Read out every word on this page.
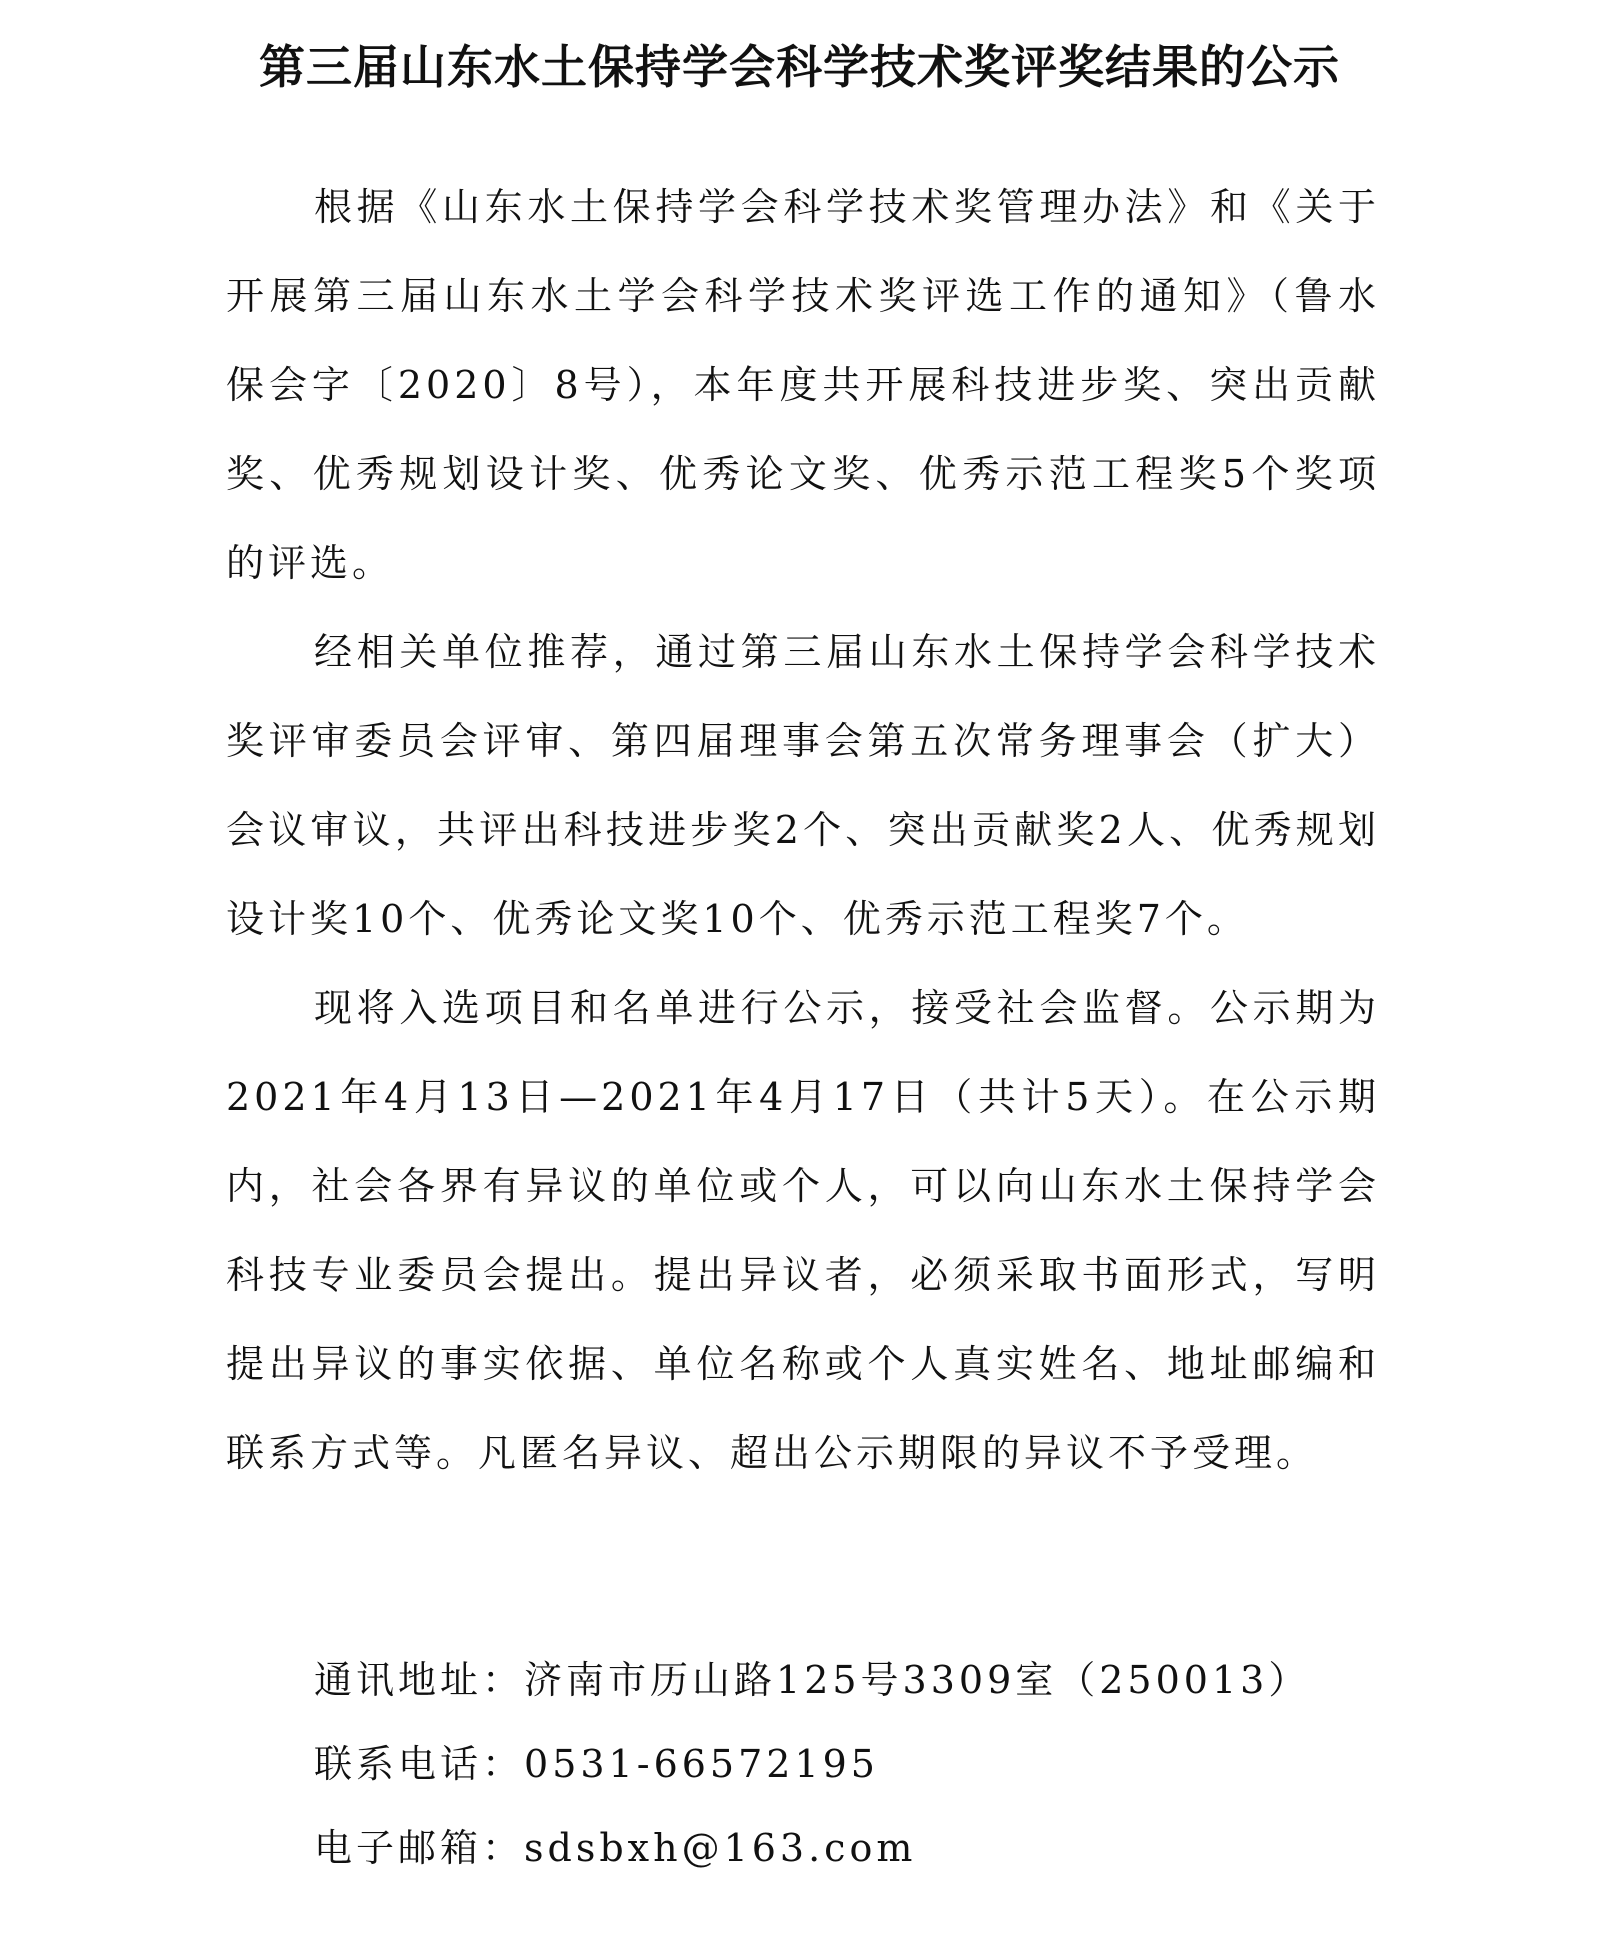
第三届山东水土保持学会科学技术奖评奖结果的公示

根据《山东水土保持学会科学技术奖管理办法》和《关于开展第三届山东水土学会科学技术奖评选工作的通知》（鲁水保会字〔2020〕8号），本年度共开展科技进步奖、突出贡献奖、优秀规划设计奖、优秀论文奖、优秀示范工程奖5个奖项的评选。

经相关单位推荐，通过第三届山东水土保持学会科学技术奖评审委员会评审、第四届理事会第五次常务理事会（扩大）会议审议，共评出科技进步奖2个、突出贡献奖2人、优秀规划设计奖10个、优秀论文奖10个、优秀示范工程奖7个。

现将入选项目和名单进行公示，接受社会监督。公示期为2021年4月13日—2021年4月17日（共计5天）。在公示期内，社会各界有异议的单位或个人，可以向山东水土保持学会科技专业委员会提出。提出异议者，必须采取书面形式，写明提出异议的事实依据、单位名称或个人真实姓名、地址邮编和联系方式等。凡匿名异议、超出公示期限的异议不予受理。

通讯地址：济南市历山路125号3309室（250013）

联系电话：0531-66572195

电子邮箱：sdsbxh@163.com
